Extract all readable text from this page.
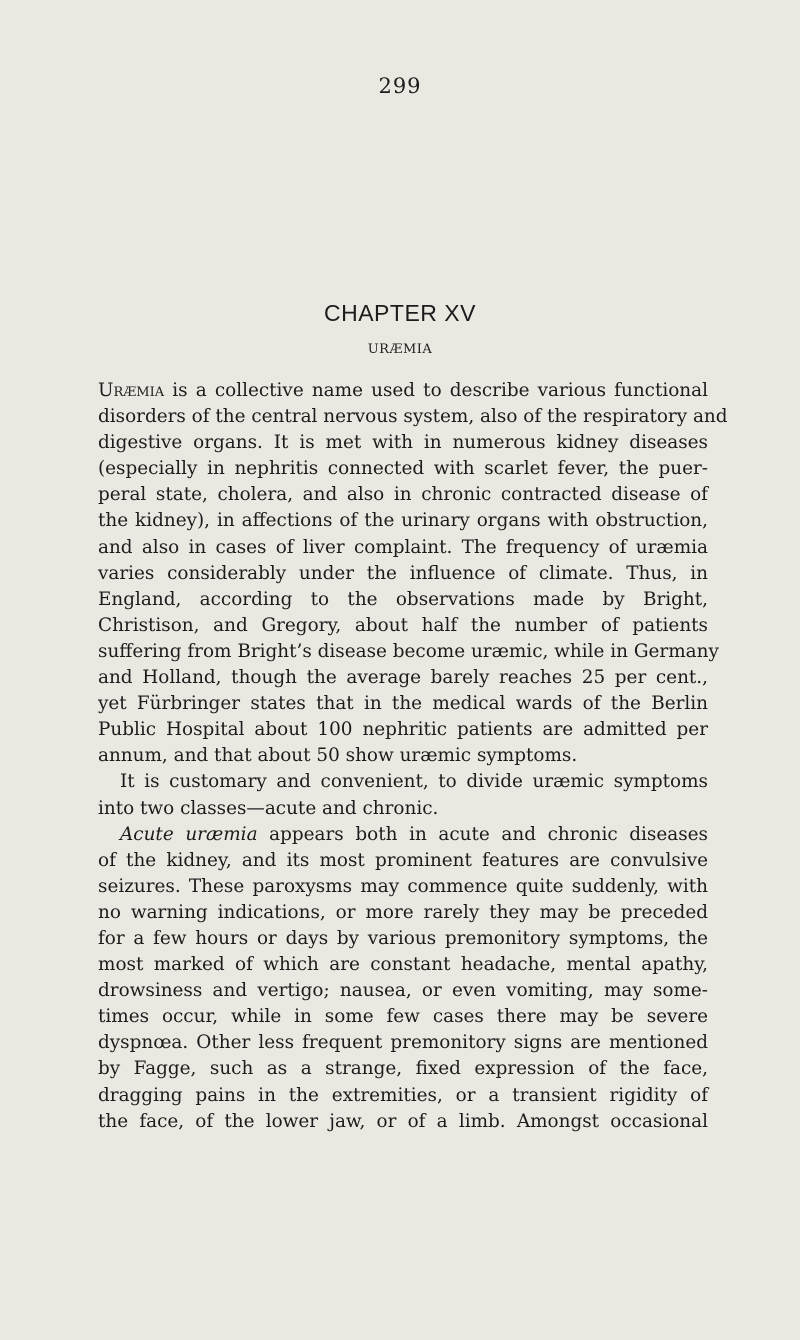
299
CHAPTER XV
URÆMIA
Uræmia is a collective name used to describe various functional
disorders of the central nervous system, also of the respiratory and
digestive organs. It is met with in numerous kidney diseases
(especially in nephritis connected with scarlet fever, the puer-
peral state, cholera, and also in chronic contracted disease of
the kidney), in affections of the urinary organs with obstruction,
and also in cases of liver complaint. The frequency of uræmia
varies considerably under the influence of climate. Thus, in
England, according to the observations made by Bright,
Christison, and Gregory, about half the number of patients
suffering from Bright’s disease become uræmic, while in Germany
and Holland, though the average barely reaches 25 per cent.,
yet Fürbringer states that in the medical wards of the Berlin
Public Hospital about 100 nephritic patients are admitted per
annum, and that about 50 show uræmic symptoms.
It is customary and convenient, to divide uræmic symptoms
into two classes—acute and chronic.
Acute uræmia appears both in acute and chronic diseases
of the kidney, and its most prominent features are convulsive
seizures. These paroxysms may commence quite suddenly, with
no warning indications, or more rarely they may be preceded
for a few hours or days by various premonitory symptoms, the
most marked of which are constant headache, mental apathy,
drowsiness and vertigo; nausea, or even vomiting, may some-
times occur, while in some few cases there may be severe
dyspnœa. Other less frequent premonitory signs are mentioned
by Fagge, such as a strange, fixed expression of the face,
dragging pains in the extremities, or a transient rigidity of
the face, of the lower jaw, or of a limb. Amongst occasional
